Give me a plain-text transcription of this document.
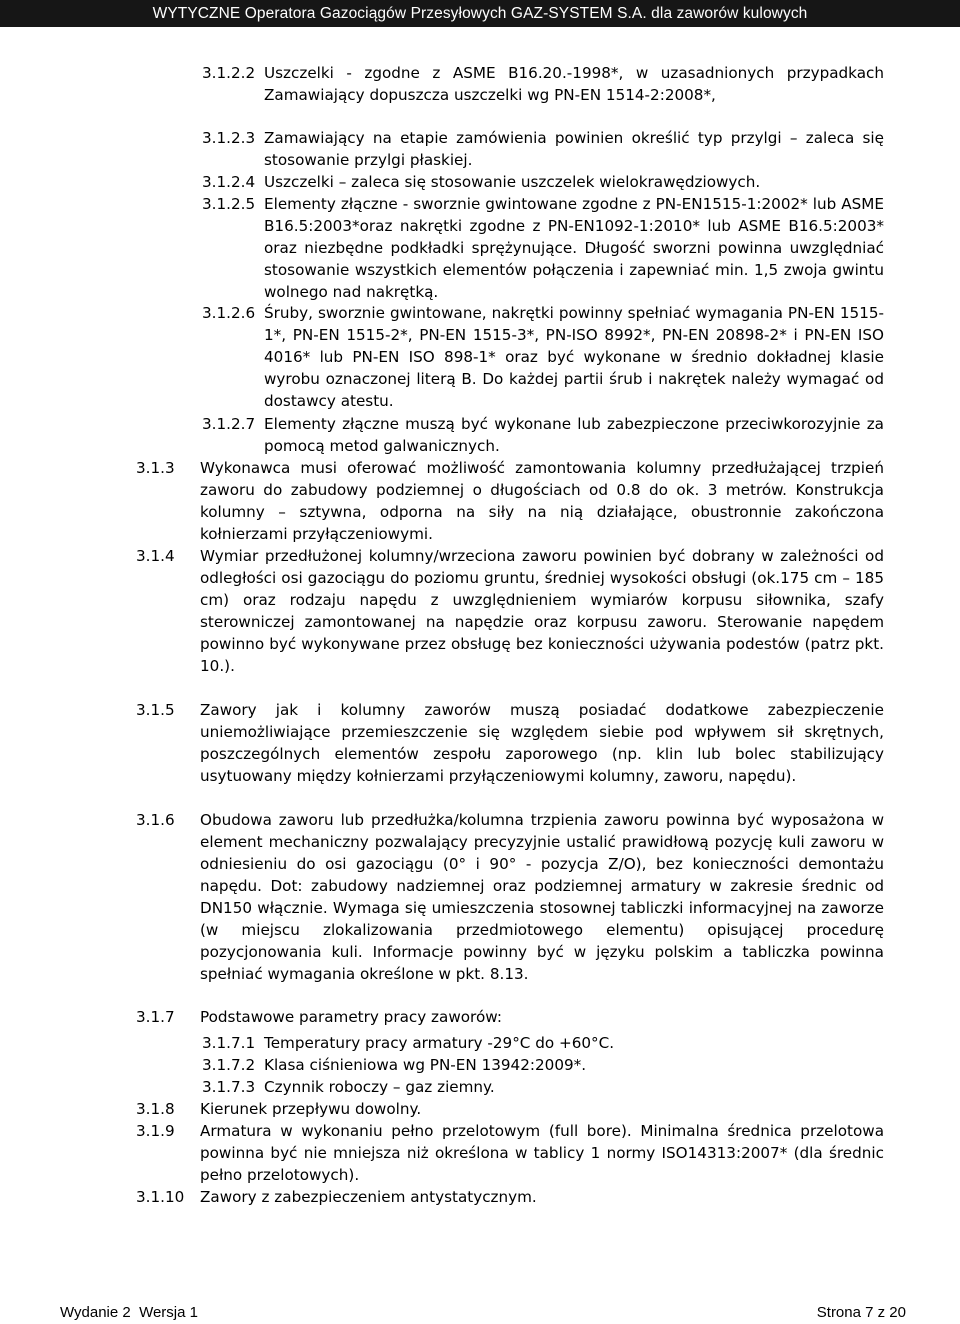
WYTYCZNE Operatora Gazociągów Przesyłowych GAZ-SYSTEM S.A. dla zaworów kulowych
3.1.2.2 Uszczelki - zgodne z ASME B16.20.-1998*, w uzasadnionych przypadkach Zamawiający dopuszcza uszczelki wg PN-EN 1514-2:2008*,
3.1.2.3 Zamawiający na etapie zamówienia powinien określić typ przylgi – zaleca się stosowanie przylgi płaskiej.
3.1.2.4 Uszczelki – zaleca się stosowanie uszczelek wielokrawędziowych.
3.1.2.5 Elementy złączne - sworznie gwintowane zgodne z PN-EN1515-1:2002* lub ASME B16.5:2003*oraz nakrętki zgodne z PN-EN1092-1:2010* lub ASME B16.5:2003* oraz niezbędne podkładki sprężynujące. Długość sworzni powinna uwzględniać stosowanie wszystkich elementów połączenia i zapewniać min. 1,5 zwoja gwintu wolnego nad nakrętką.
3.1.2.6 Śruby, sworznie gwintowane, nakrętki powinny spełniać wymagania PN-EN 1515-1*, PN-EN 1515-2*, PN-EN 1515-3*, PN-ISO 8992*, PN-EN 20898-2* i PN-EN ISO 4016* lub PN-EN ISO 898-1* oraz być wykonane w średnio dokładnej klasie wyrobu oznaczonej literą B. Do każdej partii śrub i nakrętek należy wymagać od dostawcy atestu.
3.1.2.7 Elementy złączne muszą być wykonane lub zabezpieczone przeciwkorozyjnie za pomocą metod galwanicznych.
3.1.3 Wykonawca musi oferować możliwość zamontowania kolumny przedłużającej trzpień zaworu do zabudowy podziemnej o długościach od 0.8 do ok. 3 metrów. Konstrukcja kolumny – sztywna, odporna na siły na nią działające, obustronnie zakończona kołnierzami przyłączeniowymi.
3.1.4 Wymiar przedłużonej kolumny/wrzeciona zaworu powinien być dobrany w zależności od odległości osi gazociągu do poziomu gruntu, średniej wysokości obsługi (ok.175 cm – 185 cm) oraz rodzaju napędu z uwzględnieniem wymiarów korpusu siłownika, szafy sterowniczej zamontowanej na napędzie oraz korpusu zaworu. Sterowanie napędem powinno być wykonywane przez obsługę bez konieczności używania podestów (patrz pkt. 10.).
3.1.5 Zawory jak i kolumny zaworów muszą posiadać dodatkowe zabezpieczenie uniemożliwiające przemieszczenie się względem siebie pod wpływem sił skrętnych, poszczególnych elementów zespołu zaporowego (np. klin lub bolec stabilizujący usytuowany między kołnierzami przyłączeniowymi kolumny, zaworu, napędu).
3.1.6 Obudowa zaworu lub przedłużka/kolumna trzpienia zaworu powinna być wyposażona w element mechaniczny pozwalający precyzyjnie ustalić prawidłową pozycję kuli zaworu w odniesieniu do osi gazociągu (0° i 90° - pozycja Z/O), bez konieczności demontażu napędu. Dot: zabudowy nadziemnej oraz podziemnej armatury w zakresie średnic od DN150 włącznie. Wymaga się umieszczenia stosownej tabliczki informacyjnej na zaworze (w miejscu zlokalizowania przedmiotowego elementu) opisującej procedurę pozycjonowania kuli. Informacje powinny być w języku polskim a tabliczka powinna spełniać wymagania określone w pkt. 8.13.
3.1.7 Podstawowe parametry pracy zaworów:
3.1.7.1 Temperatury pracy armatury -29°C do +60°C.
3.1.7.2 Klasa ciśnieniowa wg PN-EN 13942:2009*.
3.1.7.3 Czynnik roboczy – gaz ziemny.
3.1.8 Kierunek przepływu dowolny.
3.1.9 Armatura w wykonaniu pełno przelotowym (full bore). Minimalna średnica przelotowa powinna być nie mniejsza niż określona w tablicy 1 normy ISO14313:2007* (dla średnic pełno przelotowych).
3.1.10 Zawory z zabezpieczeniem antystatycznym.
Wydanie 2  Wersja 1	Strona 7 z 20
